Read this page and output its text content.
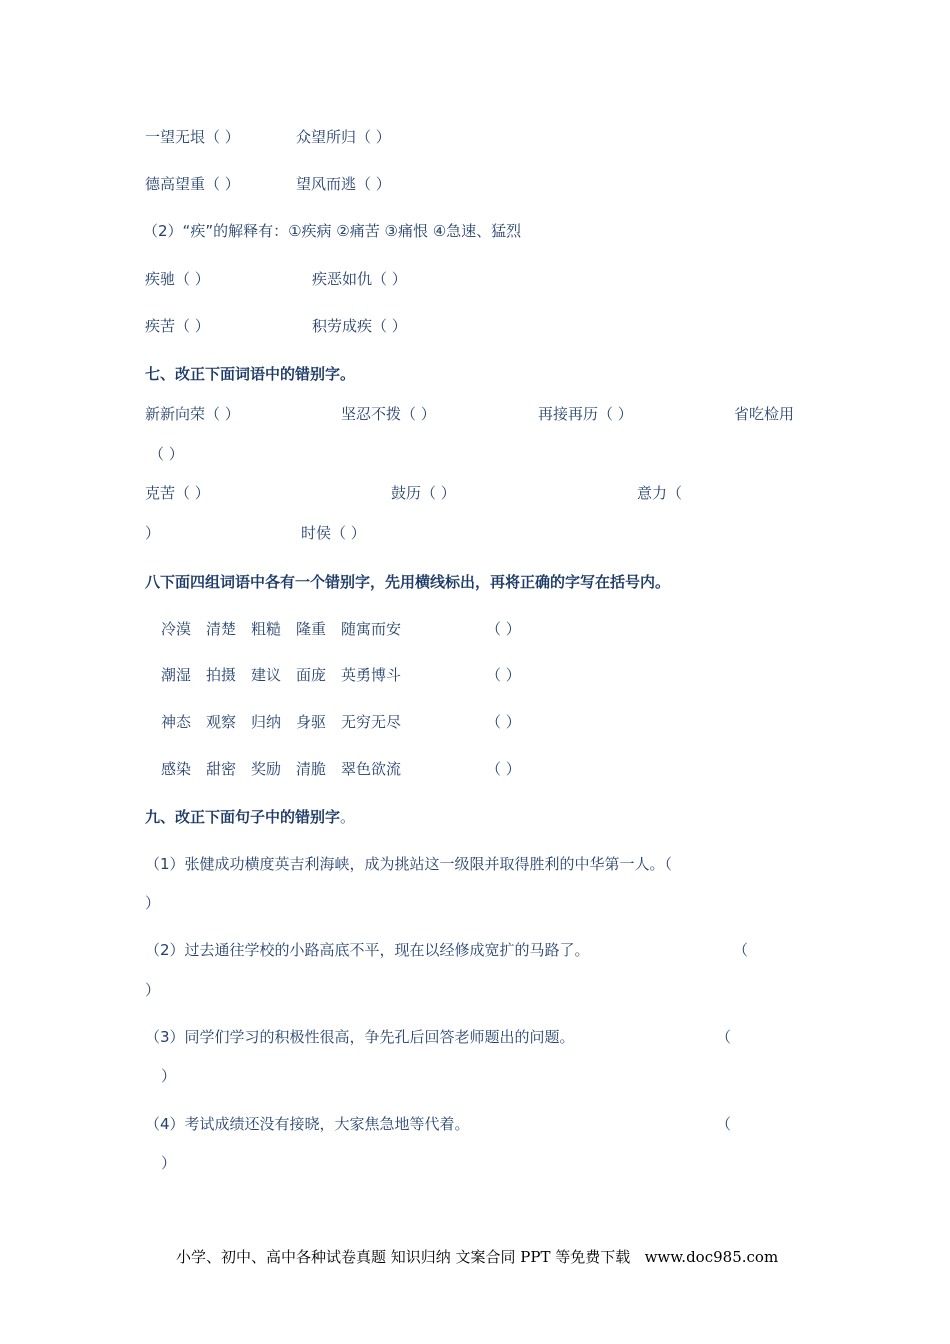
一望无垠（ ）	众望所归（ ）
德高望重（ ）	望风而逃（ ）
（2）“疾”的解释有：①疾病 ②痛苦 ③痛恨 ④急速、猛烈
疾驰（ ）	疾恶如仇（ ）
疾苦（ ）	积劳成疾（ ）
七、改正下面词语中的错别字。
新新向荣（ ）	坚忍不拨（ ）	再接再历（ ）	省吃检用
（ ）
克苦（ ）	鼓历（ ）	意力（
）	时侯（ ）
八下面四组词语中各有一个错别字，先用横线标出，再将正确的字写在括号内。
冷漠　清楚　粗糙　隆重　随寓而安	（ ）
潮湿　拍摄　建议　面庞　英勇博斗	（ ）
神态　观察　归纳　身驱　无穷无尽	（ ）
感染　甜密　奖励　清脆　翠色欲流	（ ）
九、改正下面句子中的错别字。
（1）张健成功横度英吉利海峡，成为挑站这一级限并取得胜利的中华第一人。（
）
（2）过去通往学校的小路高底不平，现在以经修成宽扩的马路了。	（
）
（3）同学们学习的积极性很高，争先孔后回答老师题出的问题。	（
）
（4）考试成绩还没有接晓，大家焦急地等代着。	（
）
小学、初中、高中各种试卷真题 知识归纳 文案合同 PPT 等免费下载   www.doc985.com
